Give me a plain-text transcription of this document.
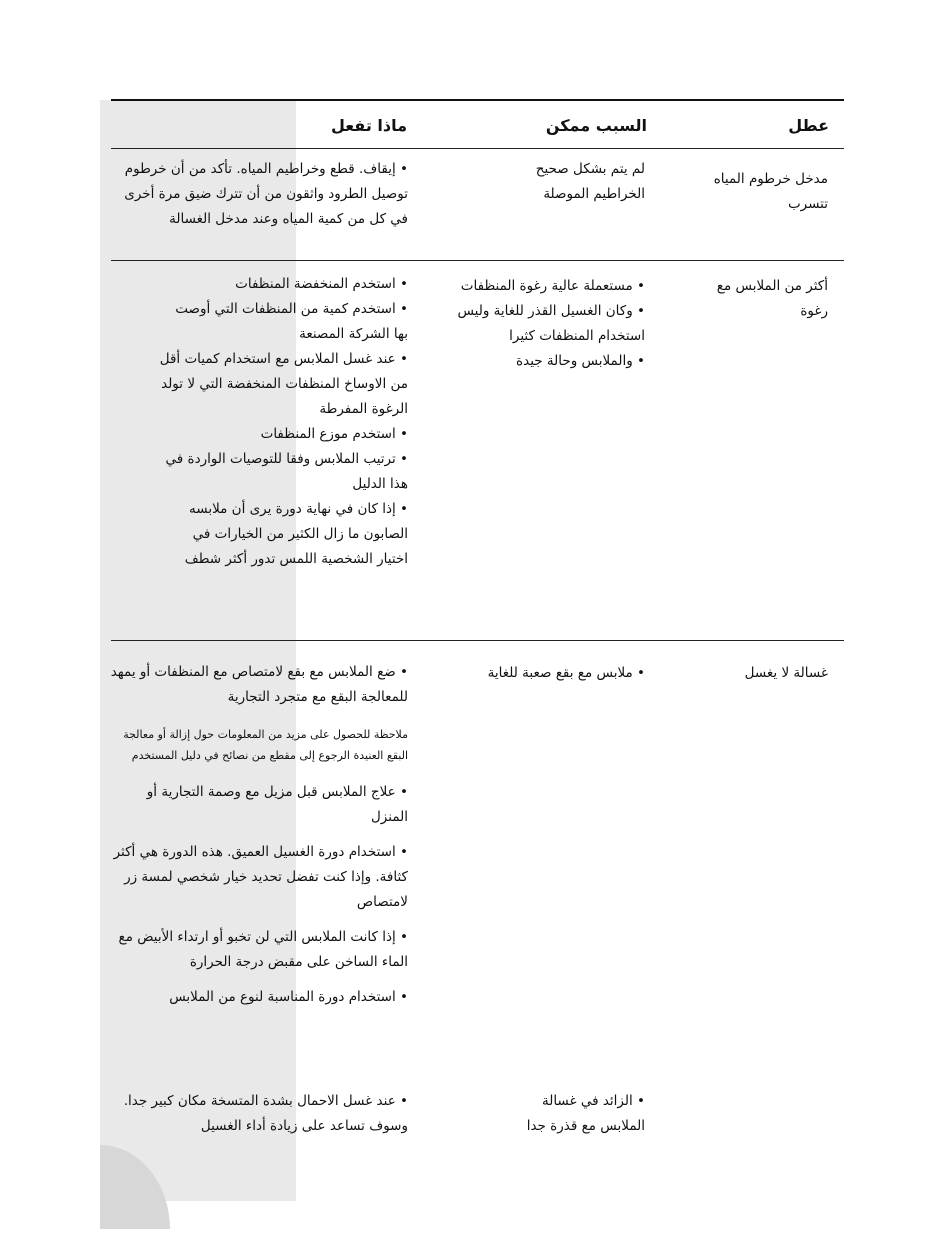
عطل
السبب ممكن
ماذا تفعل
مدخل خرطوم المياه تتسرب
لم يتم بشكل صحيح الخراطيم الموصلة
• إيقاف. قطع وخراطيم المياه. تأكد من أن خرطوم توصيل الطرود واثقون من أن تترك ضيق مرة أخرى في كل من كمية المياه وعند مدخل الغسالة
أكثر من الملابس مع رغوة
• مستعملة عالية رغوة المنظفات
• وكان الغسيل القذر للغاية وليس استخدام المنظفات كثيرا
• والملابس وحالة جيدة
• استخدم المنخفضة المنظفات
• استخدم كمية من المنظفات التي أوصت بها الشركة المصنعة
• عند غسل الملابس مع استخدام كميات أقل من الاوساخ المنظفات المنخفضة التي لا تولد الرغوة المفرطة
• استخدم موزع المنظفات
• ترتيب الملابس وفقا للتوصيات الواردة في هذا الدليل
• إذا كان في نهاية دورة يرى أن ملابسه الصابون ما زال الكثير من الخيارات في اختيار الشخصية اللمس تدور أكثر شطف
غسالة لا يغسل
• ملابس مع بقع صعبة للغاية
• ضع الملابس مع بقع لامتصاص مع المنظفات أو يمهد للمعالجة البقع مع متجرد التجارية
ملاحظة للحصول على مزيد من المعلومات حول إزالة أو معالجة البقع العنيدة الرجوع إلى مقطع من نصائح في دليل المستخدم
• علاج الملابس قبل مزيل مع وصمة التجارية أو المنزل
• استخدام دورة الغسيل العميق. هذه الدورة هي أكثر كثافة. وإذا كنت تفضل تحديد خيار شخصي لمسة زر لامتصاص
• إذا كانت الملابس التي لن تخبو أو ارتداء الأبيض مع الماء الساخن على مقبض درجة الحرارة
• استخدام دورة المناسبة لنوع من الملابس
• الزائد في غسالة الملابس مع قذرة جدا
• عند غسل الاحمال بشدة المتسخة مكان كبير جدا. وسوف تساعد على زيادة أداء الغسيل
